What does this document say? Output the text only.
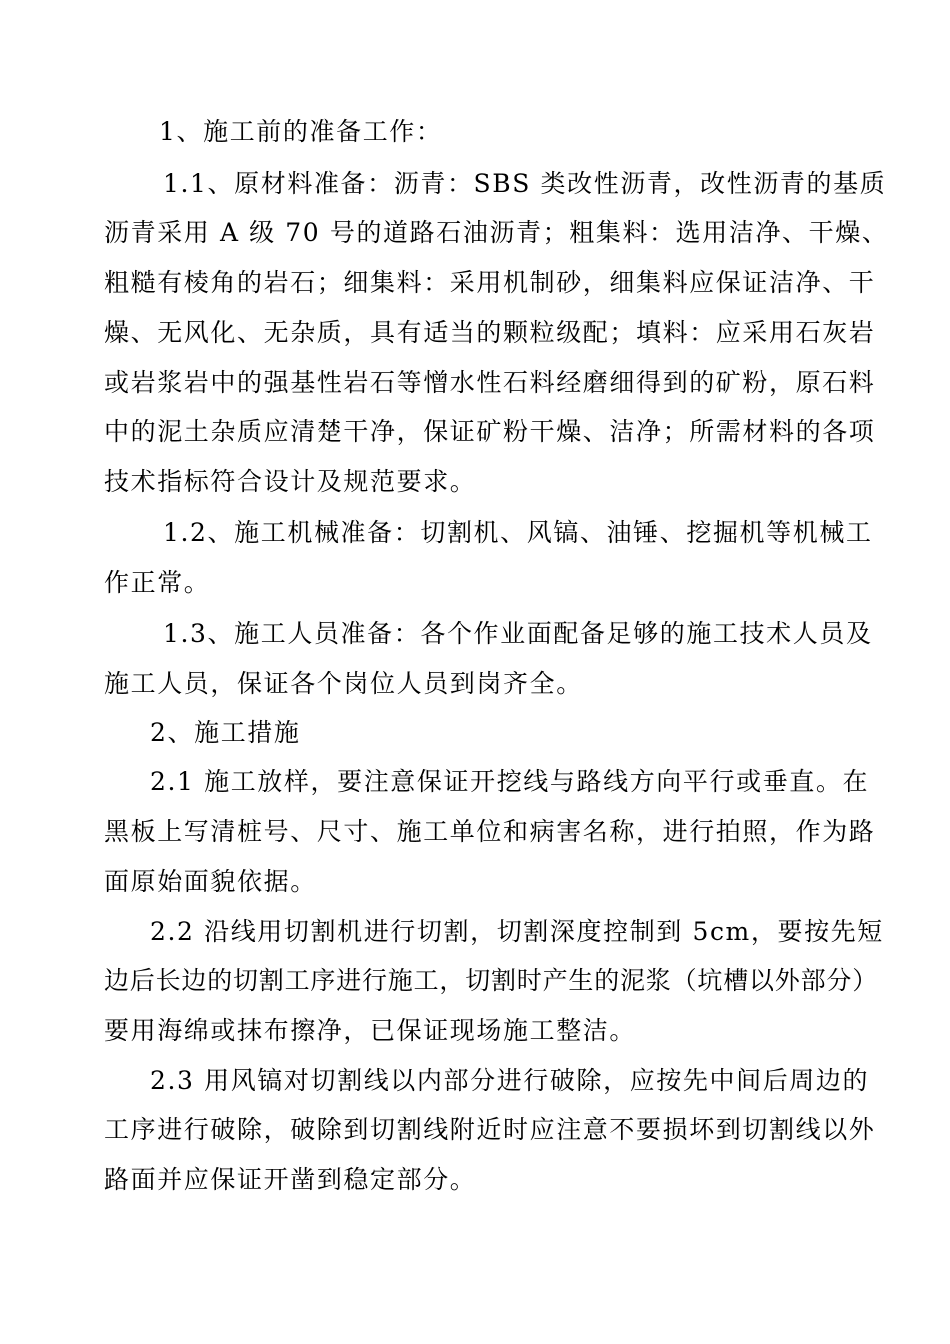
1、施工前的准备工作：
1.1、原材料准备：沥青：SBS 类改性沥青，改性沥青的基质
沥青采用 A 级 70 号的道路石油沥青；粗集料：选用洁净、干燥、
粗糙有棱角的岩石；细集料：采用机制砂，细集料应保证洁净、干
燥、无风化、无杂质，具有适当的颗粒级配；填料：应采用石灰岩
或岩浆岩中的强基性岩石等憎水性石料经磨细得到的矿粉，原石料
中的泥土杂质应清楚干净，保证矿粉干燥、洁净；所需材料的各项
技术指标符合设计及规范要求。
1.2、施工机械准备：切割机、风镐、油锤、挖掘机等机械工
作正常。
1.3、施工人员准备：各个作业面配备足够的施工技术人员及
施工人员，保证各个岗位人员到岗齐全。
2、施工措施
2.1 施工放样，要注意保证开挖线与路线方向平行或垂直。在
黑板上写清桩号、尺寸、施工单位和病害名称，进行拍照，作为路
面原始面貌依据。
2.2 沿线用切割机进行切割，切割深度控制到 5cm，要按先短
边后长边的切割工序进行施工，切割时产生的泥浆（坑槽以外部分）
要用海绵或抹布擦净，已保证现场施工整洁。
2.3 用风镐对切割线以内部分进行破除，应按先中间后周边的
工序进行破除，破除到切割线附近时应注意不要损坏到切割线以外
路面并应保证开凿到稳定部分。
